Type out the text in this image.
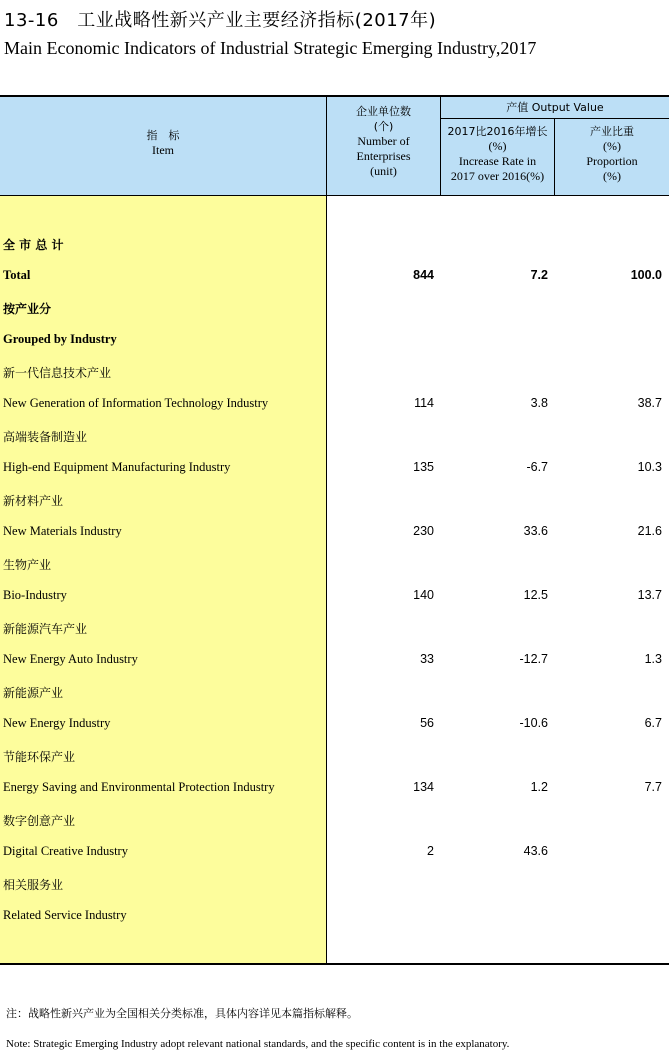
13-16　工业战略性新兴产业主要经济指标(2017年)
Main Economic Indicators of Industrial Strategic Emerging Industry,2017
指　标
Item
企业单位数
(个)
Number of
Enterprises
(unit)
产值 Output Value
2017比2016年增长
(%)
Increase Rate in
2017 over 2016(%)
产业比重
(%)
Proportion
(%)
全 市 总 计
Total	844	7.2	100.0
按产业分
Grouped by Industry
新一代信息技术产业
New Generation of Information Technology Industry	114	3.8	38.7
高端装备制造业
High-end Equipment Manufacturing Industry	135	-6.7	10.3
新材料产业
New Materials Industry	230	33.6	21.6
生物产业
Bio-Industry	140	12.5	13.7
新能源汽车产业
New Energy Auto Industry	33	-12.7	1.3
新能源产业
New Energy Industry	56	-10.6	6.7
节能环保产业
Energy Saving and Environmental Protection Industry	134	1.2	7.7
数字创意产业
Digital Creative Industry	2	43.6
相关服务业
Related Service Industry
注：战略性新兴产业为全国相关分类标准，具体内容详见本篇指标解释。
Note: Strategic Emerging Industry adopt relevant national standards, and the specific content is in the explanatory.
